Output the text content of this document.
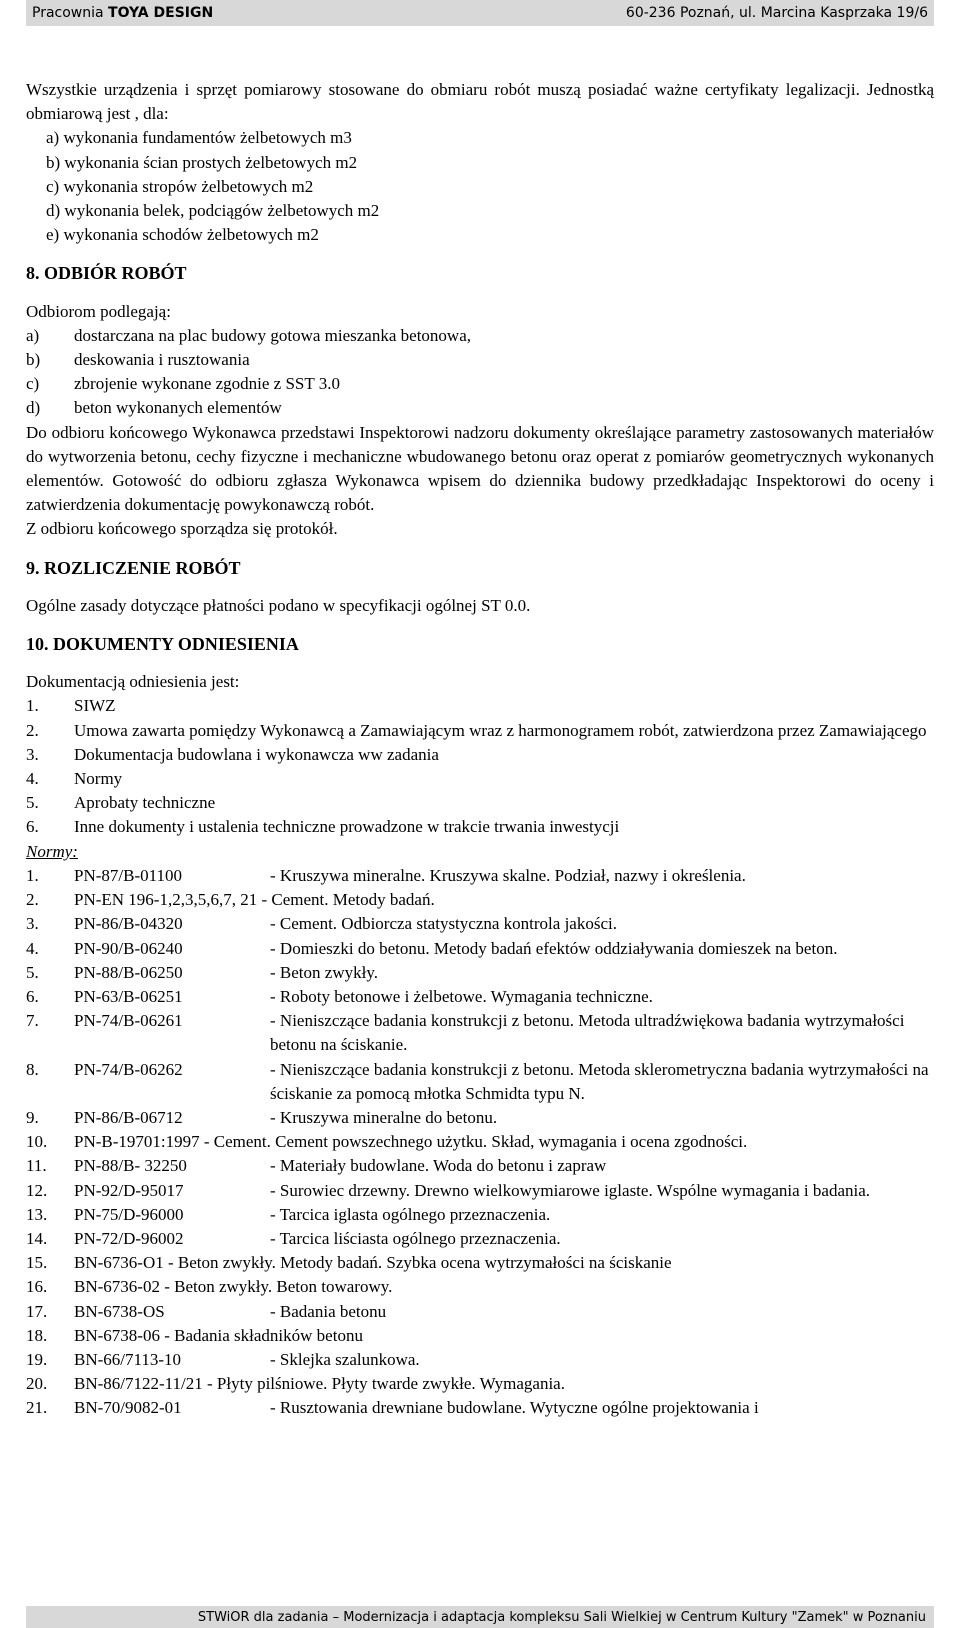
Pracownia TOYA DESIGN	60-236 Poznań, ul. Marcina Kasprzaka 19/6

Wszystkie urządzenia i sprzęt pomiarowy stosowane do obmiaru robót muszą posiadać ważne certyfikaty legalizacji. Jednostką obmiarową jest , dla:

a) wykonania fundamentów żelbetowych m3

b) wykonania ścian prostych żelbetowych m2

c) wykonania stropów żelbetowych m2

d) wykonania belek, podciągów żelbetowych m2

e) wykonania schodów żelbetowych m2

8. ODBIÓR ROBÓT

Odbiorom podlegają:

a)	dostarczana na plac budowy gotowa mieszanka betonowa,
b)	deskowania i rusztowania
c)	zbrojenie wykonane zgodnie z SST 3.0
d)	beton wykonanych elementów

Do odbioru końcowego Wykonawca przedstawi Inspektorowi nadzoru dokumenty określające parametry zastosowanych materiałów do wytworzenia betonu, cechy fizyczne i mechaniczne wbudowanego betonu oraz operat z pomiarów geometrycznych wykonanych elementów. Gotowość do odbioru zgłasza Wykonawca wpisem do dziennika budowy przedkładając Inspektorowi do oceny i zatwierdzenia dokumentację powykonawczą robót.

Z odbioru końcowego sporządza się protokół.

9. ROZLICZENIE ROBÓT

Ogólne zasady dotyczące płatności podano w specyfikacji ogólnej ST 0.0.

10. DOKUMENTY ODNIESIENIA

Dokumentacją odniesienia jest:

1.	SIWZ
2.	Umowa zawarta pomiędzy Wykonawcą a Zamawiającym wraz z harmonogramem robót, zatwierdzona przez Zamawiającego
3.	Dokumentacja budowlana i wykonawcza ww zadania
4.	Normy
5.	Aprobaty techniczne
6.	Inne dokumenty i ustalenia techniczne prowadzone w trakcie trwania inwestycji

Normy:

1.	PN-87/B-01100	- Kruszywa mineralne. Kruszywa skalne. Podział, nazwy i określenia.
2.	PN-EN 196-1,2,3,5,6,7, 21 - Cement. Metody badań.
3.	PN-86/B-04320	- Cement. Odbiorcza statystyczna kontrola jakości.
4.	PN-90/B-06240	- Domieszki do betonu. Metody badań efektów oddziaływania domieszek na beton.
5.	PN-88/B-06250	- Beton zwykły.
6.	PN-63/B-06251	- Roboty betonowe i żelbetowe. Wymagania techniczne.
7.	PN-74/B-06261	- Nieniszczące badania konstrukcji z betonu. Metoda ultradźwiękowa badania wytrzymałości betonu na ściskanie.
8.	PN-74/B-06262	- Nieniszczące badania konstrukcji z betonu. Metoda sklerometryczna badania wytrzymałości na ściskanie za pomocą młotka Schmidta typu N.
9.	PN-86/B-06712	- Kruszywa mineralne do betonu.
10.	PN-B-19701:1997 - Cement. Cement powszechnego użytku. Skład, wymagania i ocena zgodności.
11.	PN-88/B- 32250	- Materiały budowlane. Woda do betonu i zapraw
12.	PN-92/D-95017	- Surowiec drzewny. Drewno wielkowymiarowe iglaste. Wspólne wymagania i badania.
13.	PN-75/D-96000	- Tarcica iglasta ogólnego przeznaczenia.
14.	PN-72/D-96002	- Tarcica liściasta ogólnego przeznaczenia.
15.	BN-6736-O1 - Beton zwykły. Metody badań. Szybka ocena wytrzymałości na ściskanie
16.	BN-6736-02 - Beton zwykły. Beton towarowy.
17.	BN-6738-OS	- Badania betonu
18.	BN-6738-06 - Badania składników betonu
19.	BN-66/7113-10	- Sklejka szalunkowa.
20.	BN-86/7122-11/21 - Płyty pilśniowe. Płyty twarde zwykłe. Wymagania.
21.	BN-70/9082-01	- Rusztowania drewniane budowlane. Wytyczne ogólne projektowania i
STWiOR dla zadania – Modernizacja i adaptacja kompleksu Sali Wielkiej w Centrum Kultury "Zamek" w Poznaniu
